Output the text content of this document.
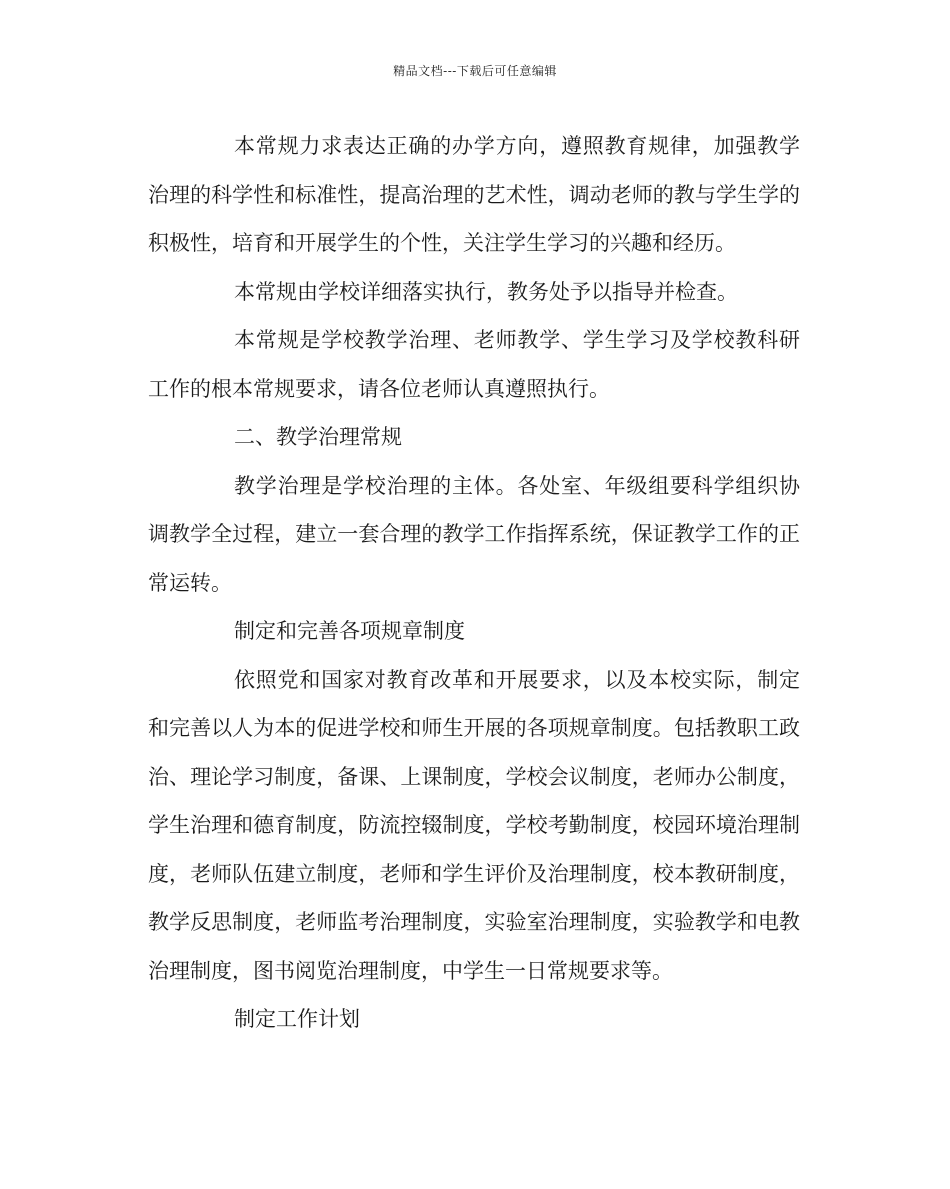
精品文档---下载后可任意编辑

本常规力求表达正确的办学方向，遵照教育规律，加强教学治理的科学性和标准性，提高治理的艺术性，调动老师的教与学生学的积极性，培育和开展学生的个性，关注学生学习的兴趣和经历。

本常规由学校详细落实执行，教务处予以指导并检查。

本常规是学校教学治理、老师教学、学生学习及学校教科研工作的根本常规要求，请各位老师认真遵照执行。

二、教学治理常规

教学治理是学校治理的主体。各处室、年级组要科学组织协调教学全过程，建立一套合理的教学工作指挥系统，保证教学工作的正常运转。

制定和完善各项规章制度

依照党和国家对教育改革和开展要求，以及本校实际，制定和完善以人为本的促进学校和师生开展的各项规章制度。包括教职工政治、理论学习制度，备课、上课制度，学校会议制度，老师办公制度，学生治理和德育制度，防流控辍制度，学校考勤制度，校园环境治理制度，老师队伍建立制度，老师和学生评价及治理制度，校本教研制度，教学反思制度，老师监考治理制度，实验室治理制度，实验教学和电教治理制度，图书阅览治理制度，中学生一日常规要求等。

制定工作计划
